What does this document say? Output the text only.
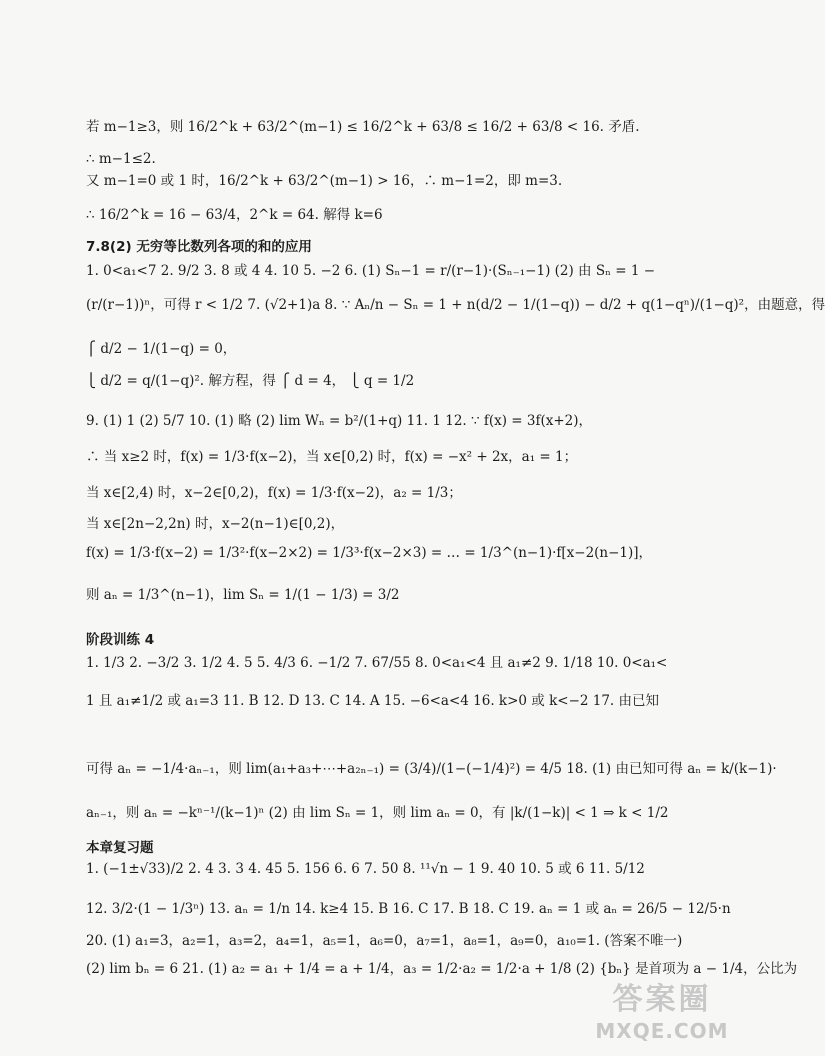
若 m−1≥3，则 16/2^k + 63/2^(m−1) ≤ 16/2^k + 63/8 ≤ 16/2 + 63/8 < 16. 矛盾.
∴ m−1≤2.
又 m−1=0 或 1 时，16/2^k + 63/2^(m−1) > 16，∴ m−1=2，即 m=3.
∴ 16/2^k = 16 − 63/4，2^k = 64. 解得 k=6
7.8(2) 无穷等比数列各项的和的应用
1. 0<a₁<7 2. 9/2 3. 8 或 4 4. 10 5. −2 6. (1) Sₙ−1 = r/(r−1)·(Sₙ₋₁−1) (2) 由 Sₙ = 1 −
(r/(r−1))ⁿ，可得 r < 1/2 7. (√2+1)a 8. ∵ Aₙ/n − Sₙ = 1 + n(d/2 − 1/(1−q)) − d/2 + q(1−qⁿ)/(1−q)²，由题意，得
⎧ d/2 − 1/(1−q) = 0，
⎩ d/2 = q/(1−q)². 解方程，得 ⎧ d = 4， ⎩ q = 1/2
9. (1) 1 (2) 5/7 10. (1) 略 (2) lim Wₙ = b²/(1+q) 11. 1 12. ∵ f(x) = 3f(x+2)，
∴ 当 x≥2 时，f(x) = 1/3·f(x−2)，当 x∈[0,2) 时，f(x) = −x² + 2x，a₁ = 1；
当 x∈[2,4) 时，x−2∈[0,2)，f(x) = 1/3·f(x−2)，a₂ = 1/3；
当 x∈[2n−2,2n) 时，x−2(n−1)∈[0,2)，
f(x) = 1/3·f(x−2) = 1/3²·f(x−2×2) = 1/3³·f(x−2×3) = … = 1/3^(n−1)·f[x−2(n−1)]，
则 aₙ = 1/3^(n−1)，lim Sₙ = 1/(1 − 1/3) = 3/2
阶段训练 4
1. 1/3 2. −3/2 3. 1/2 4. 5 5. 4/3 6. −1/2 7. 67/55 8. 0<a₁<4 且 a₁≠2 9. 1/18 10. 0<a₁<
1 且 a₁≠1/2 或 a₁=3 11. B 12. D 13. C 14. A 15. −6<a<4 16. k>0 或 k<−2 17. 由已知
可得 aₙ = −1/4·aₙ₋₁，则 lim(a₁+a₃+⋯+a₂ₙ₋₁) = (3/4)/(1−(−1/4)²) = 4/5 18. (1) 由已知可得 aₙ = k/(k−1)·
aₙ₋₁，则 aₙ = −kⁿ⁻¹/(k−1)ⁿ (2) 由 lim Sₙ = 1，则 lim aₙ = 0，有 |k/(1−k)| < 1 ⇒ k < 1/2
本章复习题
1. (−1±√33)/2 2. 4 3. 3 4. 45 5. 156 6. 6 7. 50 8. ¹¹√n − 1 9. 40 10. 5 或 6 11. 5/12
12. 3/2·(1 − 1/3ⁿ) 13. aₙ = 1/n 14. k≥4 15. B 16. C 17. B 18. C 19. aₙ = 1 或 aₙ = 26/5 − 12/5·n
20. (1) a₁=3，a₂=1，a₃=2，a₄=1，a₅=1，a₆=0，a₇=1，a₈=1，a₉=0，a₁₀=1. (答案不唯一)
(2) lim bₙ = 6 21. (1) a₂ = a₁ + 1/4 = a + 1/4，a₃ = 1/2·a₂ = 1/2·a + 1/8 (2) {bₙ} 是首项为 a − 1/4，公比为
答案圈
MXQE.COM
